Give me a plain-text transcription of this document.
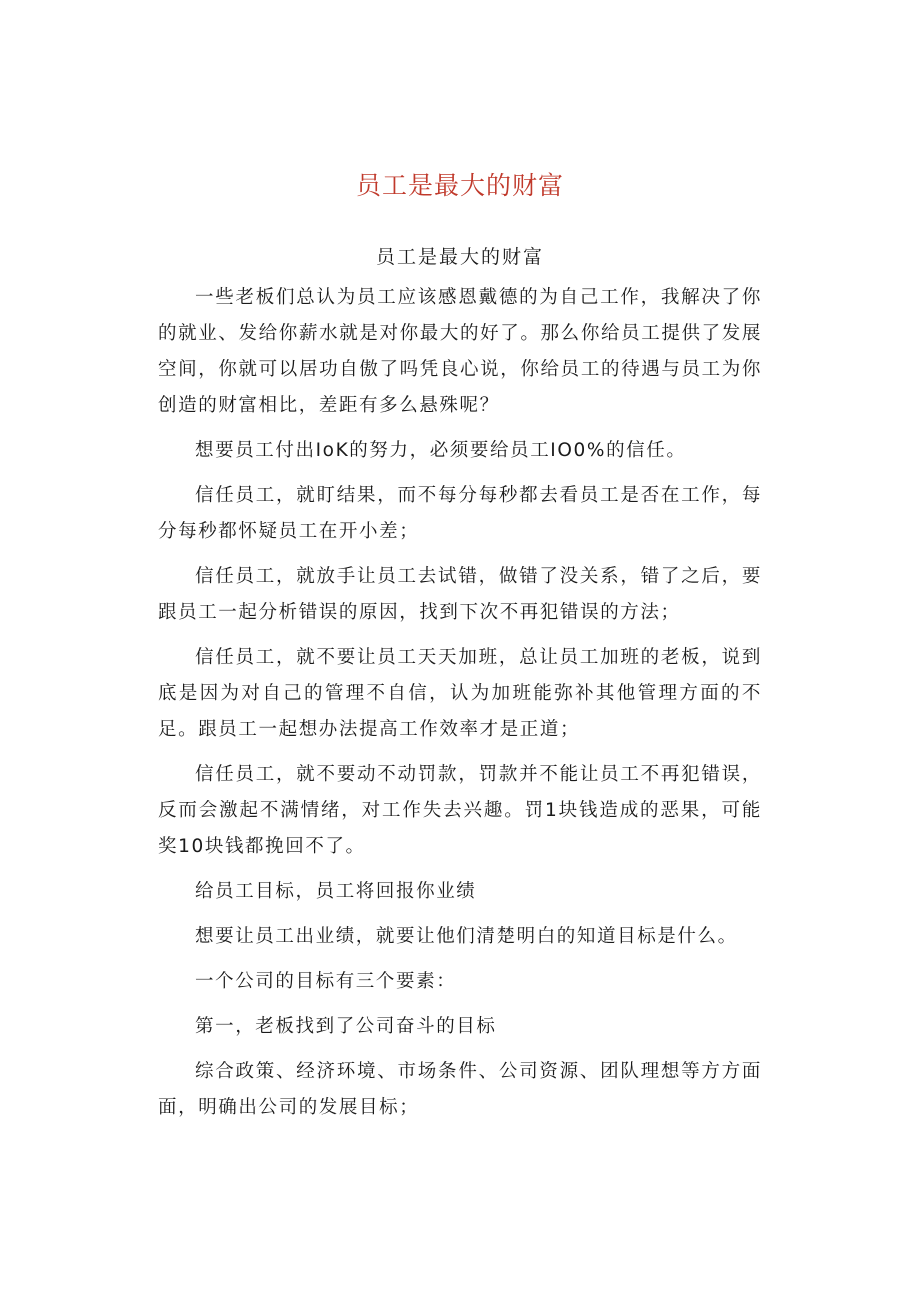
员工是最大的财富
员工是最大的财富

一些老板们总认为员工应该感恩戴德的为自己工作，我解决了你的就业、发给你薪水就是对你最大的好了。那么你给员工提供了发展空间，你就可以居功自傲了吗凭良心说，你给员工的待遇与员工为你创造的财富相比，差距有多么悬殊呢？

想要员工付出IoK的努力，必须要给员工IO0%的信任。

信任员工，就盯结果，而不每分每秒都去看员工是否在工作，每分每秒都怀疑员工在开小差；

信任员工，就放手让员工去试错，做错了没关系，错了之后，要跟员工一起分析错误的原因，找到下次不再犯错误的方法；

信任员工，就不要让员工天天加班，总让员工加班的老板，说到底是因为对自己的管理不自信，认为加班能弥补其他管理方面的不足。跟员工一起想办法提高工作效率才是正道；

信任员工，就不要动不动罚款，罚款并不能让员工不再犯错误，反而会激起不满情绪，对工作失去兴趣。罚1块钱造成的恶果，可能奖10块钱都挽回不了。

给员工目标，员工将回报你业绩

想要让员工出业绩，就要让他们清楚明白的知道目标是什么。

一个公司的目标有三个要素：

第一，老板找到了公司奋斗的目标

综合政策、经济环境、市场条件、公司资源、团队理想等方方面面，明确出公司的发展目标；
